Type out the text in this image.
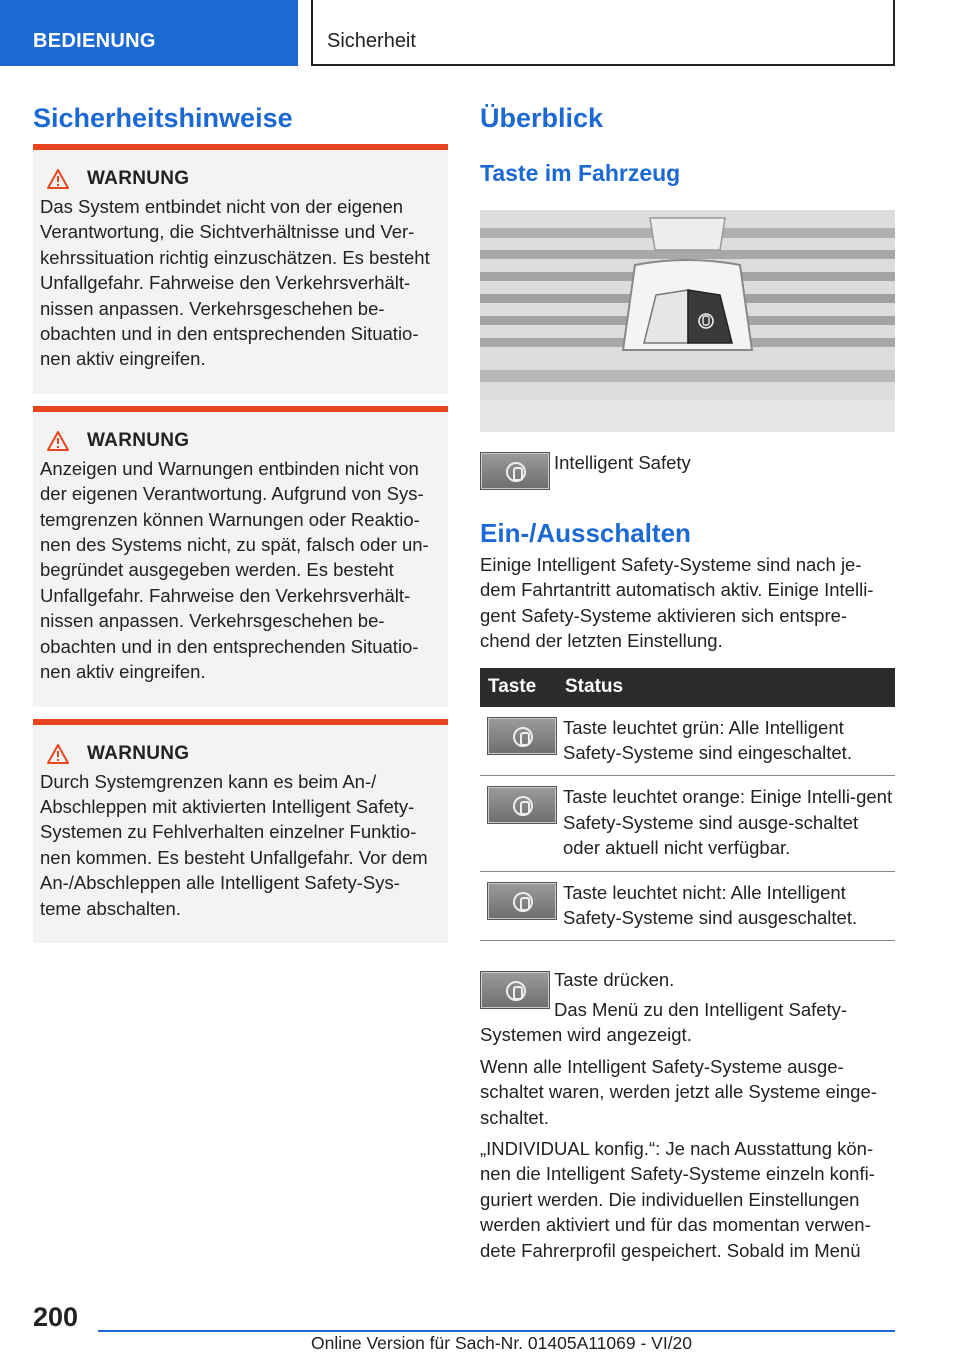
BEDIENUNG	Sicherheit
Sicherheitshinweise
WARNUNG
Das System entbindet nicht von der eigenen Verantwortung, die Sichtverhältnisse und Ver-kehrssituation richtig einzuschätzen. Es besteht Unfallgefahr. Fahrweise den Verkehrsverhält-nissen anpassen. Verkehrsgeschehen be-obachten und in den entsprechenden Situatio-nen aktiv eingreifen.
WARNUNG
Anzeigen und Warnungen entbinden nicht von der eigenen Verantwortung. Aufgrund von Sys-temgrenzen können Warnungen oder Reaktio-nen des Systems nicht, zu spät, falsch oder un-begründet ausgegeben werden. Es besteht Unfallgefahr. Fahrweise den Verkehrsverhält-nissen anpassen. Verkehrsgeschehen be-obachten und in den entsprechenden Situatio-nen aktiv eingreifen.
WARNUNG
Durch Systemgrenzen kann es beim An-/ Abschleppen mit aktivierten Intelligent Safety-Systemen zu Fehlverhalten einzelner Funktio-nen kommen. Es besteht Unfallgefahr. Vor dem An-/Abschleppen alle Intelligent Safety-Sys-teme abschalten.
Überblick
Taste im Fahrzeug
Intelligent Safety
Ein-/Ausschalten
Einige Intelligent Safety-Systeme sind nach je-dem Fahrtantritt automatisch aktiv. Einige Intelli-gent Safety-Systeme aktivieren sich entspre-chend der letzten Einstellung.
Taste	Status

	Taste leuchtet grün: Alle Intelligent Safety-Systeme sind eingeschaltet.

	Taste leuchtet orange: Einige Intelli-gent Safety-Systeme sind ausge-schaltet oder aktuell nicht verfügbar.

	Taste leuchtet nicht: Alle Intelligent Safety-Systeme sind ausgeschaltet.
Taste drücken.
Das Menü zu den Intelligent Safety-Systemen wird angezeigt.
Wenn alle Intelligent Safety-Systeme ausge-schaltet waren, werden jetzt alle Systeme einge-schaltet.
„INDIVIDUAL konfig.“: Je nach Ausstattung kön-nen die Intelligent Safety-Systeme einzeln konfi-guriert werden. Die individuellen Einstellungen werden aktiviert und für das momentan verwen-dete Fahrerprofil gespeichert. Sobald im Menü
200
Online Version für Sach-Nr. 01405A11069 - VI/20
